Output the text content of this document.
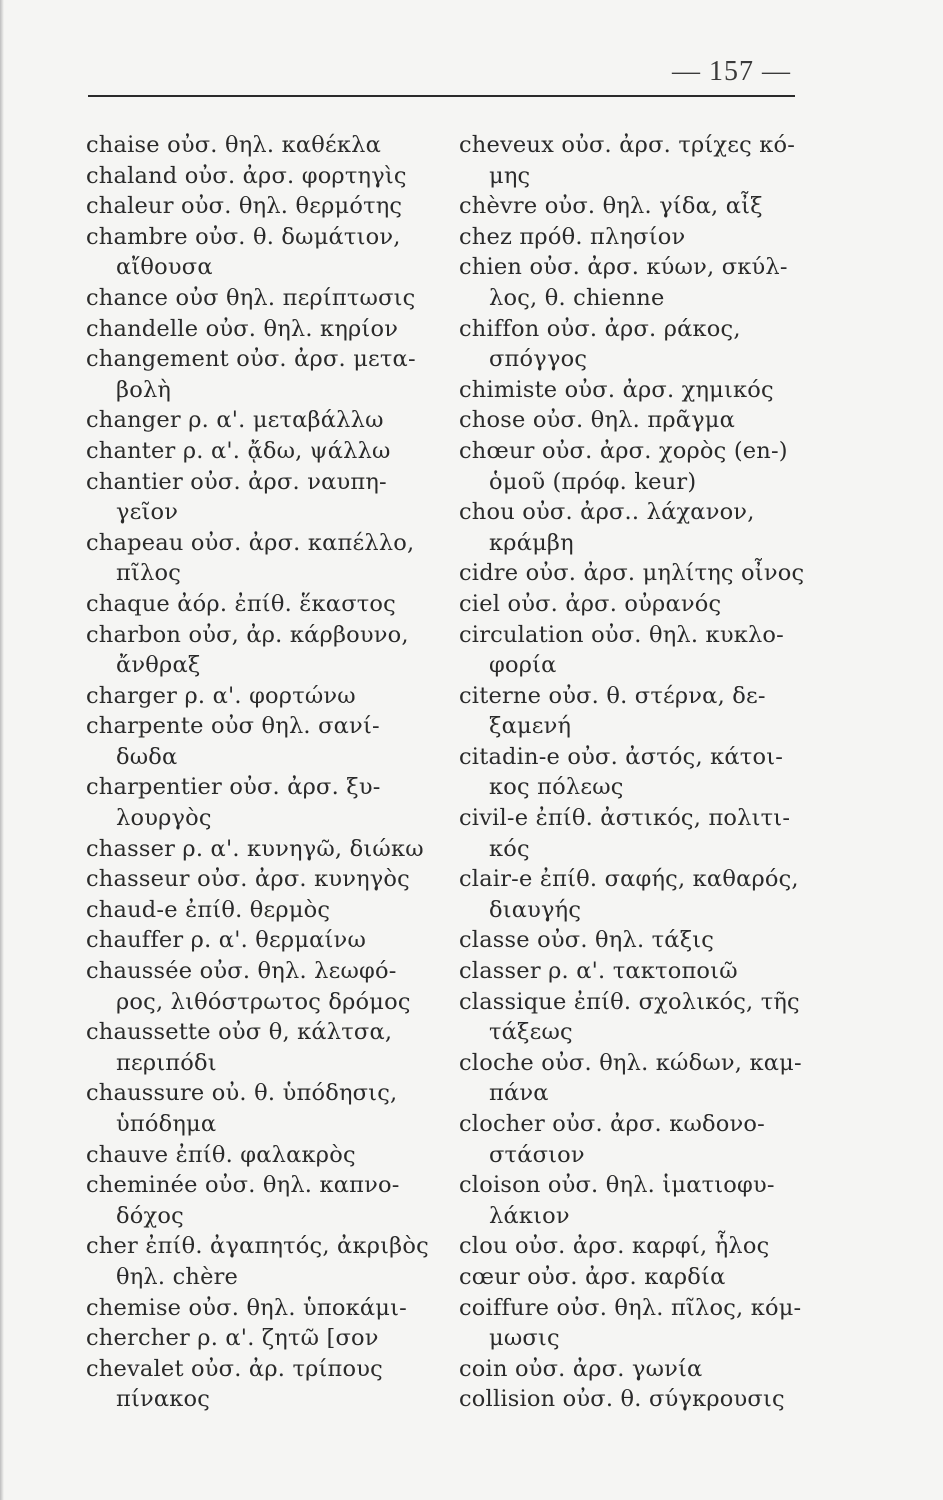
— 157 —
chaise οὐσ. θηλ. καθέκλα
chaland οὐσ. ἀρσ. φορτηγὶς
chaleur οὐσ. θηλ. θερμότης
chambre οὐσ. θ. δωμάτιον,
αἴθουσα
chance οὐσ θηλ. περίπτωσις
chandelle οὐσ. θηλ. κηρίον
changement οὐσ. ἀρσ. μετα-
βολὴ
changer ρ. α'. μεταβάλλω
chanter ρ. α'. ᾄδω, ψάλλω
chantier οὐσ. ἀρσ. ναυπη-
γεῖον
chapeau οὐσ. ἀρσ. καπέλλο,
πῖλος
chaque ἀόρ. ἐπίθ. ἕκαστος
charbon οὐσ, ἀρ. κάρβουνο,
ἄνθραξ
charger ρ. α'. φορτώνω
charpente οὐσ θηλ. σανί-
δωδα
charpentier οὐσ. ἀρσ. ξυ-
λουργὸς
chasser ρ. α'. κυνηγῶ, διώκω
chasseur οὐσ. ἀρσ. κυνηγὸς
chaud-e ἐπίθ. θερμὸς
chauffer ρ. α'. θερμαίνω
chaussée οὐσ. θηλ. λεωφό-
ρος, λιθόστρωτος δρόμος
chaussette οὐσ θ, κάλτσα,
περιπόδι
chaussure οὐ. θ. ὑπόδησις,
ὑπόδημα
chauve ἐπίθ. φαλακρὸς
cheminée οὐσ. θηλ. καπνο-
δόχος
cher ἐπίθ. ἀγαπητός, ἀκριβὸς
θηλ. chère
chemise οὐσ. θηλ. ὑποκάμι-
chercher ρ. α'. ζητῶ [σον
chevalet οὐσ. ἀρ. τρίπους
πίνακος
cheveux οὐσ. ἀρσ. τρίχες κό-
μης
chèvre οὐσ. θηλ. γίδα, αἶξ
chez πρόθ. πλησίον
chien οὐσ. ἀρσ. κύων, σκύλ-
λος, θ. chienne
chiffon οὐσ. ἀρσ. ράκος,
σπόγγος
chimiste οὐσ. ἀρσ. χημικός
chose οὐσ. θηλ. πρᾶγμα
chœur οὐσ. ἀρσ. χορὸς (en-)
ὁμοῦ (πρόφ. keur)
chou οὐσ. ἀρσ.. λάχανον,
κράμβη
cidre οὐσ. ἀρσ. μηλίτης οἶνος
ciel οὐσ. ἀρσ. οὐρανός
circulation οὐσ. θηλ. κυκλο-
φορία
citerne οὐσ. θ. στέρνα, δε-
ξαμενή
citadin-e οὐσ. ἀστός, κάτοι-
κος πόλεως
civil-e ἐπίθ. ἀστικός, πολιτι-
κός
clair-e ἐπίθ. σαφής, καθαρός,
διαυγής
classe οὐσ. θηλ. τάξις
classer ρ. α'. τακτοποιῶ
classique ἐπίθ. σχολικός, τῆς
τάξεως
cloche οὐσ. θηλ. κώδων, καμ-
πάνα
clocher οὐσ. ἀρσ. κωδονο-
στάσιον
cloison οὐσ. θηλ. ἱματιοφυ-
λάκιον
clou οὐσ. ἀρσ. καρφί, ἧλος
cœur οὐσ. ἀρσ. καρδία
coiffure οὐσ. θηλ. πῖλος, κόμ-
μωσις
coin οὐσ. ἀρσ. γωνία
collision οὐσ. θ. σύγκρουσις
